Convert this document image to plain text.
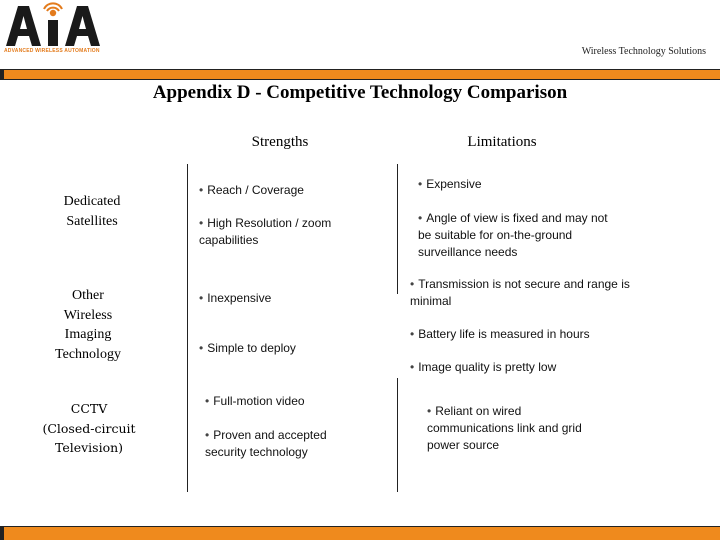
ADVANCED WIRELESS AUTOMATION	Wireless Technology Solutions
Appendix D - Competitive Technology Comparison
Strengths	Limitations
Dedicated
Satellites
Other
Wireless
Imaging
Technology
CCTV
(Closed-circuit
Television)
• Reach / Coverage
• High Resolution / zoom capabilities
• Expensive
• Angle of view is fixed and may not be suitable for on-the-ground surveillance needs
• Inexpensive
• Simple to deploy
• Transmission is not secure and range is minimal
• Battery life is measured in hours
• Image quality is pretty low
• Full-motion video
• Proven and accepted security technology
• Reliant on wired communications link and grid power source
